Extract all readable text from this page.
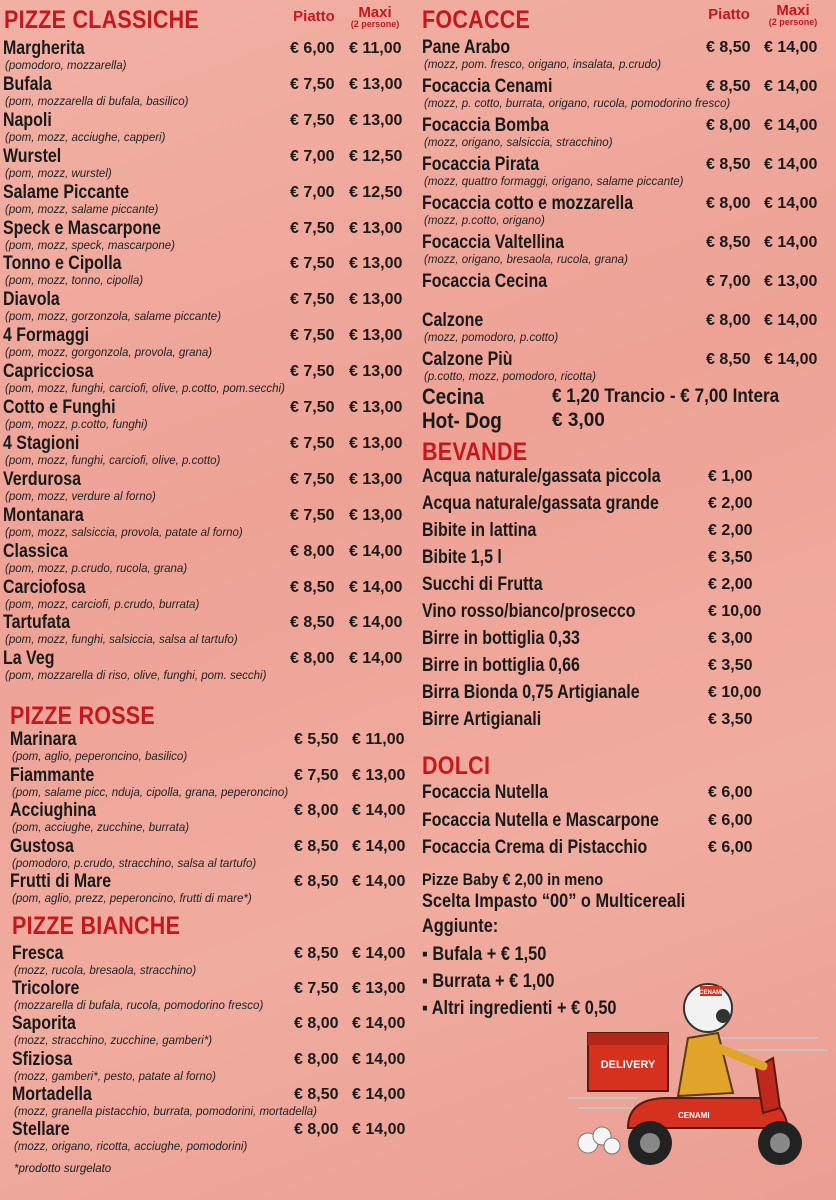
PIZZE CLASSICHE	Piatto	Maxi
(2 persone)
Margherita
(pomodoro, mozzarella)
€ 6,00 € 11,00
Bufala
(pom, mozzarella di bufala, basilico)
€ 7,50 € 13,00
Napoli
(pom, mozz, acciughe, capperi)
€ 7,50 € 13,00
Wurstel
(pom, mozz, wurstel)
€ 7,00 € 12,50
Salame Piccante
(pom, mozz, salame piccante)
€ 7,00 € 12,50
Speck e Mascarpone
(pom, mozz, speck, mascarpone)
€ 7,50 € 13,00
Tonno e Cipolla
(pom, mozz, tonno, cipolla)
€ 7,50 € 13,00
Diavola
(pom, mozz, gorzonzola, salame piccante)
€ 7,50 € 13,00
4 Formaggi
(pom, mozz, gorgonzola, provola, grana)
€ 7,50 € 13,00
Capricciosa
(pom, mozz, funghi, carciofi, olive, p.cotto, pom.secchi)
€ 7,50 € 13,00
Cotto e Funghi
(pom, mozz, p.cotto, funghi)
€ 7,50 € 13,00
4 Stagioni
(pom, mozz, funghi, carciofi, olive, p.cotto)
€ 7,50 € 13,00
Verdurosa
(pom, mozz, verdure al forno)
€ 7,50 € 13,00
Montanara
(pom, mozz, salsiccia, provola, patate al forno)
€ 7,50 € 13,00
Classica
(pom, mozz, p.crudo, rucola, grana)
€ 8,00 € 14,00
Carciofosa
(pom, mozz, carciofi, p.crudo, burrata)
€ 8,50 € 14,00
Tartufata
(pom, mozz, funghi, salsiccia, salsa al tartufo)
€ 8,50 € 14,00
La Veg
(pom, mozzarella di riso, olive, funghi, pom. secchi)
€ 8,00 € 14,00
PIZZE ROSSE
Marinara
(pom, aglio, peperoncino, basilico)
€ 5,50 € 11,00
Fiammante
(pom, salame picc, nduja, cipolla, grana, peperoncino)
€ 7,50 € 13,00
Acciughina
(pom, acciughe, zucchine, burrata)
€ 8,00 € 14,00
Gustosa
(pomodoro, p.crudo, stracchino, salsa al tartufo)
€ 8,50 € 14,00
Frutti di Mare
(pom, aglio, prezz, peperoncino, frutti di mare*)
€ 8,50 € 14,00
PIZZE BIANCHE
Fresca
(mozz, rucola, bresaola, stracchino)
€ 8,50 € 14,00
Tricolore
(mozzarella di bufala, rucola, pomodorino fresco)
€ 7,50 € 13,00
Saporita
(mozz, stracchino, zucchine, gamberi*)
€ 8,00 € 14,00
Sfiziosa
(mozz, gamberi*, pesto, patate al forno)
€ 8,00 € 14,00
Mortadella
(mozz, granella pistacchio, burrata, pomodorini, mortadella)
€ 8,50 € 14,00
Stellare
(mozz, origano, ricotta, acciughe, pomodorini)
€ 8,00 € 14,00
*prodotto surgelato
FOCACCE	Piatto	Maxi
(2 persone)
Pane Arabo
(mozz, pom. fresco, origano, insalata, p.crudo)
€ 8,50 € 14,00
Focaccia Cenami
(mozz, p. cotto, burrata, origano, rucola, pomodorino fresco)
€ 8,50 € 14,00
Focaccia Bomba
(mozz, origano, salsiccia, stracchino)
€ 8,00 € 14,00
Focaccia Pirata
(mozz, quattro formaggi, origano, salame piccante)
€ 8,50 € 14,00
Focaccia cotto e mozzarella
(mozz, p.cotto, origano)
€ 8,00 € 14,00
Focaccia Valtellina
(mozz, origano, bresaola, rucola, grana)
€ 8,50 € 14,00
Focaccia Cecina	€ 7,00 € 13,00
Calzone
(mozz, pomodoro, p.cotto)
€ 8,00 € 14,00
Calzone Più
(p.cotto, mozz, pomodoro, ricotta)
€ 8,50 € 14,00
Cecina	€ 1,20 Trancio - € 7,00 Intera
Hot- Dog	€ 3,00
BEVANDE
Acqua naturale/gassata piccola	€ 1,00
Acqua naturale/gassata grande	€ 2,00
Bibite in lattina	€ 2,00
Bibite 1,5 l	€ 3,50
Succhi di Frutta	€ 2,00
Vino rosso/bianco/prosecco	€ 10,00
Birre in bottiglia 0,33	€ 3,00
Birre in bottiglia 0,66	€ 3,50
Birra Bionda 0,75 Artigianale	€ 10,00
Birre Artigianali	€ 3,50
DOLCI
Focaccia Nutella	€ 6,00
Focaccia Nutella e Mascarpone	€ 6,00
Focaccia Crema di Pistacchio	€ 6,00
Pizze Baby € 2,00 in meno
Scelta Impasto “00” o Multicereali
Aggiunte:
▪ Bufala + € 1,50
▪ Burrata + € 1,00
▪ Altri ingredienti + € 0,50
DELIVERY
CENAMI
CENAMI
